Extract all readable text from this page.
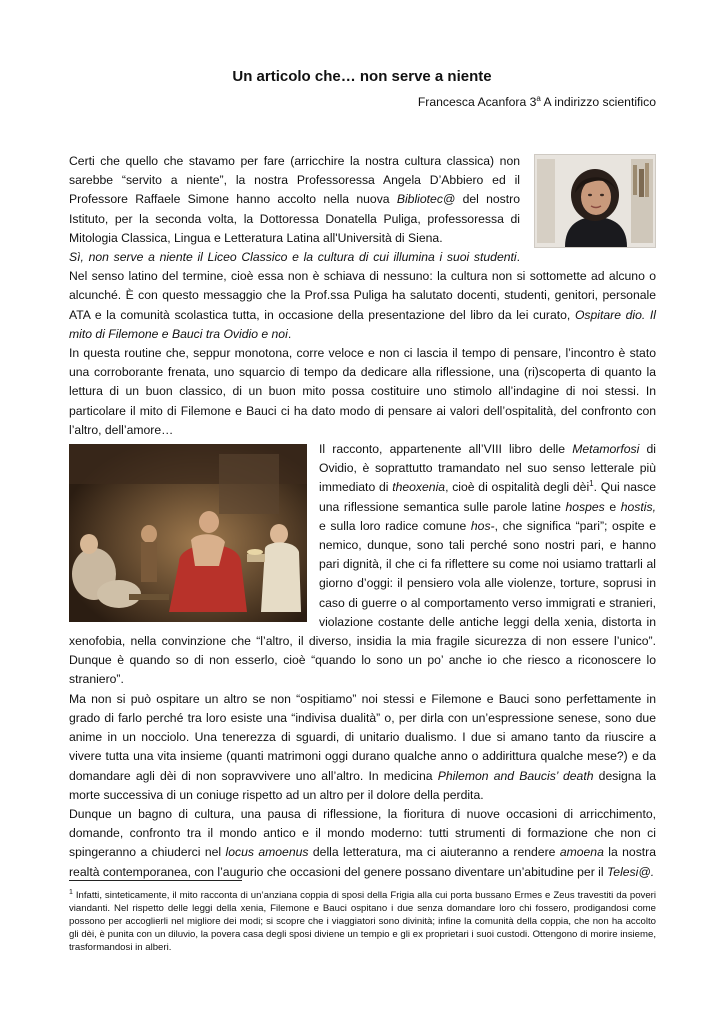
Un articolo che… non serve a niente
Francesca Acanfora 3$^a$ A indirizzo scientifico

Certi che quello che stavamo per fare (arricchire la nostra cultura classica) non sarebbe “servito a niente”, la nostra Professoressa Angela D’Abbiero ed il Professore Raffaele Simone hanno accolto nella nuova Bibliotec@ del nostro Istituto, per la seconda volta, la Dottoressa Donatella Puliga, professoressa di Mitologia Classica, Lingua e Letteratura Latina all'Università di Siena.

Sì, non serve a niente il Liceo Classico e la cultura di cui illumina i suoi studenti. Nel senso latino del termine, cioè essa non è schiava di nessuno: la cultura non si sottomette ad alcuno o alcunché. È con questo messaggio che la Prof.ssa Puliga ha salutato docenti, studenti, genitori, personale ATA e la comunità scolastica tutta, in occasione della presentazione del libro da lei curato, Ospitare dio. Il mito di Filemone e Bauci tra Ovidio e noi.

In questa routine che, seppur monotona, corre veloce e non ci lascia il tempo di pensare, l’incontro è stato una corroborante frenata, uno squarcio di tempo da dedicare alla riflessione, una (ri)scoperta di quanto la lettura di un buon classico, di un buon mito possa costituire uno stimolo all’indagine di noi stessi. In particolare il mito di Filemone e Bauci ci ha dato modo di pensare ai valori dell’ospitalità, del confronto con l’altro, dell’amore…

Il racconto, appartenente all’VIII libro delle Metamorfosi di Ovidio, è soprattutto tramandato nel suo senso letterale più immediato di theoxenia, cioè di ospitalità degli dèi$^1$. Qui nasce una riflessione semantica sulle parole latine hospes e hostis, e sulla loro radice comune hos-, che significa “pari”; ospite e nemico, dunque, sono tali perché sono nostri pari, e hanno pari dignità, il che ci fa riflettere su come noi usiamo trattarli al giorno d’oggi: il pensiero vola alle violenze, torture, soprusi in caso di guerre o al comportamento verso immigrati e stranieri, violazione costante delle antiche leggi della xenia, distorta in xenofobia, nella convinzione che “l’altro, il diverso, insidia la mia fragile sicurezza di non essere l’unico”. Dunque è quando so di non esserlo, cioè “quando lo sono un po’ anche io che riesco a riconoscere lo straniero”.

Ma non si può ospitare un altro se non “ospitiamo” noi stessi e Filemone e Bauci sono perfettamente in grado di farlo perché tra loro esiste una “indivisa dualità” o, per dirla con un’espressione senese, sono due anime in un nocciolo. Una tenerezza di sguardi, di unitario dualismo. I due si amano tanto da riuscire a vivere tutta una vita insieme (quanti matrimoni oggi durano qualche anno o addirittura qualche mese?) e da domandare agli dèi di non sopravvivere uno all’altro. In medicina Philemon and Baucis’ death designa la morte successiva di un coniuge rispetto ad un altro per il dolore della perdita.

Dunque un bagno di cultura, una pausa di riflessione, la fioritura di nuove occasioni di arricchimento, domande, confronto tra il mondo antico e il mondo moderno: tutti strumenti di formazione che non ci spingeranno a chiuderci nel locus amoenus della letteratura, ma ci aiuteranno a rendere amoena la nostra realtà contemporanea, con l’augurio che occasioni del genere possano diventare un’abitudine per il Telesi@.

$^1$ Infatti, sinteticamente, il mito racconta di un’anziana coppia di sposi della Frigia alla cui porta bussano Ermes e Zeus travestiti da poveri viandanti. Nel rispetto delle leggi della xenia, Filemone e Bauci ospitano i due senza domandare loro chi fossero, prodigandosi come possono per accoglierli nel migliore dei modi; si scopre che i viaggiatori sono divinità; infine la comunità della coppia, che non ha accolto gli dèi, è punita con un diluvio, la povera casa degli sposi diviene un tempio e gli ex proprietari i suoi custodi. Ottengono di morire insieme, trasformandosi in alberi.
